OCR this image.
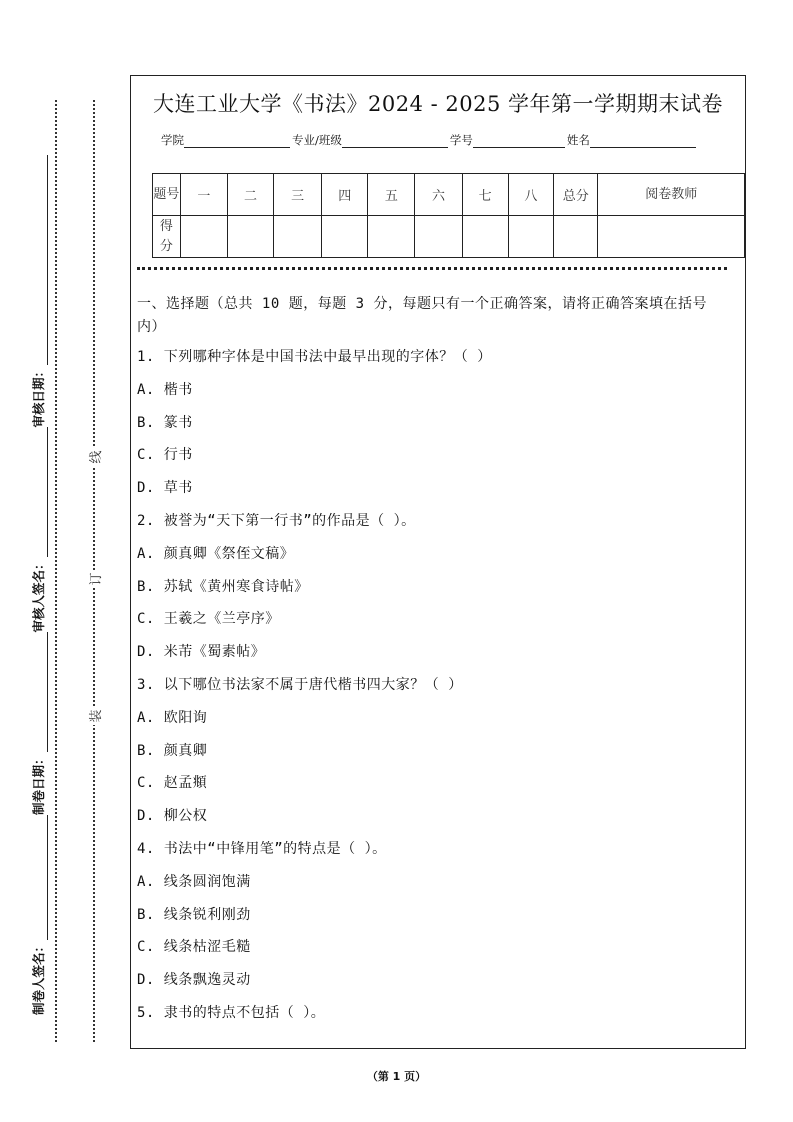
制卷人签名：
制卷日期：
审核人签名：
审核日期：
线
订
装
大连工业大学《书法》2024 - 2025 学年第一学期期末试卷
学院	专业/班级	学号	姓名
题号	一	二	三	四	五	六	七	八	总分	阅卷教师
得分										
一、选择题（总共 10 题，每题 3 分，每题只有一个正确答案，请将正确答案填在括号
内）
1. 下列哪种字体是中国书法中最早出现的字体？（ ）
A. 楷书
B. 篆书
C. 行书
D. 草书
2. 被誉为“天下第一行书”的作品是（ ）。
A. 颜真卿《祭侄文稿》
B. 苏轼《黄州寒食诗帖》
C. 王羲之《兰亭序》
D. 米芾《蜀素帖》
3. 以下哪位书法家不属于唐代楷书四大家？（ ）
A. 欧阳询
B. 颜真卿
C. 赵孟頫
D. 柳公权
4. 书法中“中锋用笔”的特点是（ ）。
A. 线条圆润饱满
B. 线条锐利刚劲
C. 线条枯涩毛糙
D. 线条飘逸灵动
5. 隶书的特点不包括（ ）。
（第 1 页）
